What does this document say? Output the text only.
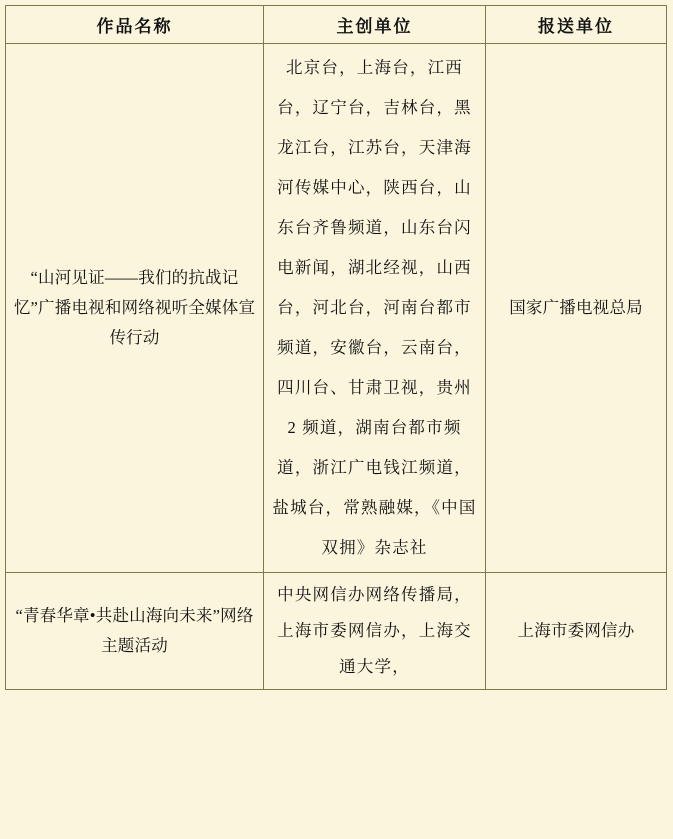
作品名称	主创单位	报送单位
“山河见证——我们的抗战记忆”广播电视和网络视听全媒体宣传行动	北京台，上海台，江西台，辽宁台，吉林台，黑龙江台，江苏台，天津海河传媒中心，陕西台，山东台齐鲁频道，山东台闪电新闻，湖北经视，山西台，河北台，河南台都市频道，安徽台，云南台，四川台、甘肃卫视，贵州 2 频道，湖南台都市频道，浙江广电钱江频道，盐城台，常熟融媒，《中国双拥》杂志社	国家广播电视总局
“青春华章•共赴山海向未来”网络主题活动	中央网信办网络传播局，上海市委网信办，上海交通大学，	上海市委网信办
